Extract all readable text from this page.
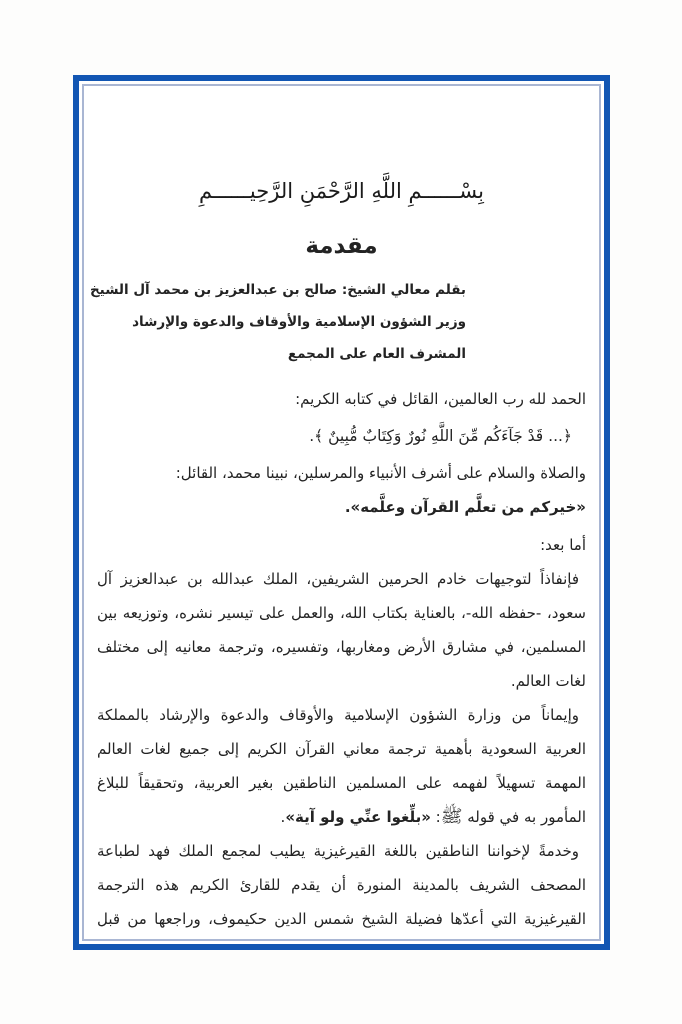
بِسْــــــمِ اللَّهِ الرَّحْمَنِ الرَّحِيــــــمِ
مقدمة
بقلم معالي الشيخ: صالح بن عبدالعزيز بن محمد آل الشيخ
وزير الشؤون الإسلامية والأوقاف والدعوة والإرشاد
المشرف العام على المجمع

الحمد لله رب العالمين، القائل في كتابه الكريم:

﴿... قَدْ جَآءَكُم مِّنَ اللَّهِ نُورٌ وَكِتَابٌ مُّبِينٌ ﴾.

والصلاة والسلام على أشرف الأنبياء والمرسلين، نبينا محمد، القائل:

«خيركم من تعلَّم القرآن وعلَّمه».

أما بعد:

فإنفاذاً لتوجيهات خادم الحرمين الشريفين، الملك عبدالله بن عبدالعزيز آل سعود، -حفظه الله-، بالعناية بكتاب الله، والعمل على تيسير نشره، وتوزيعه بين المسلمين، في مشارق الأرض ومغاربها، وتفسيره، وترجمة معانيه إلى مختلف لغات العالم.

وإيماناً من وزارة الشؤون الإسلامية والأوقاف والدعوة والإرشاد بالمملكة العربية السعودية بأهمية ترجمة معاني القرآن الكريم إلى جميع لغات العالم المهمة تسهيلاً لفهمه على المسلمين الناطقين بغير العربية، وتحقيقاً للبلاغ المأمور به في قوله ﷺ: «بلِّغوا عنِّي ولو آية».

وخدمةً لإخواننا الناطقين باللغة القيرغيزية يطيب لمجمع الملك فهد لطباعة المصحف الشريف بالمدينة المنورة أن يقدم للقارئ الكريم هذه الترجمة القيرغيزية التي أعدّها فضيلة الشيخ شمس الدين حكيموف، وراجعها من قبل
